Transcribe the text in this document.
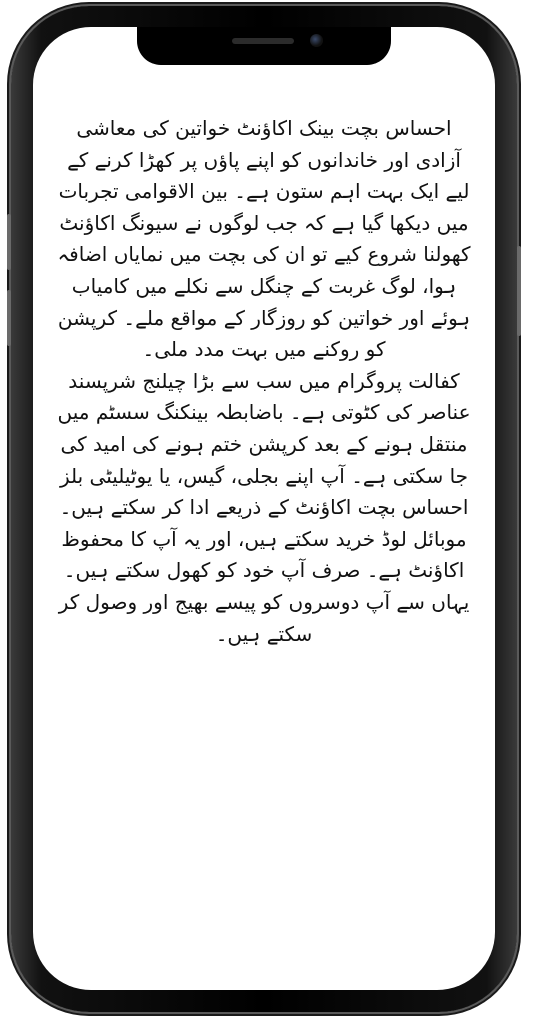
احساس بچت بینک اکاؤنٹ خواتین کی معاشی آزادی اور خاندانوں کو اپنے پاؤں پر کھڑا کرنے کے لیے ایک بہت اہم ستون ہے۔ بین الاقوامی تجربات میں دیکھا گیا ہے کہ جب لوگوں نے سیونگ اکاؤنٹ کھولنا شروع کیے تو ان کی بچت میں نمایاں اضافہ ہوا، لوگ غربت کے چنگل سے نکلے میں کامیاب ہوئے اور خواتین کو روزگار کے مواقع ملے۔ کرپشن کو روکنے میں بہت مدد ملی۔

کفالت پروگرام میں سب سے بڑا چیلنج شرپسند عناصر کی کٹوتی ہے۔ باضابطہ بینکنگ سسٹم میں منتقل ہونے کے بعد کرپشن ختم ہونے کی امید کی جا سکتی ہے۔ آپ اپنے بجلی، گیس، یا یوٹیلیٹی بلز احساس بچت اکاؤنٹ کے ذریعے ادا کر سکتے ہیں۔ موبائل لوڈ خرید سکتے ہیں، اور یہ آپ کا محفوظ اکاؤنٹ ہے۔ صرف آپ خود کو کھول سکتے ہیں۔ یہاں سے آپ دوسروں کو پیسے بھیج اور وصول کر سکتے ہیں۔
